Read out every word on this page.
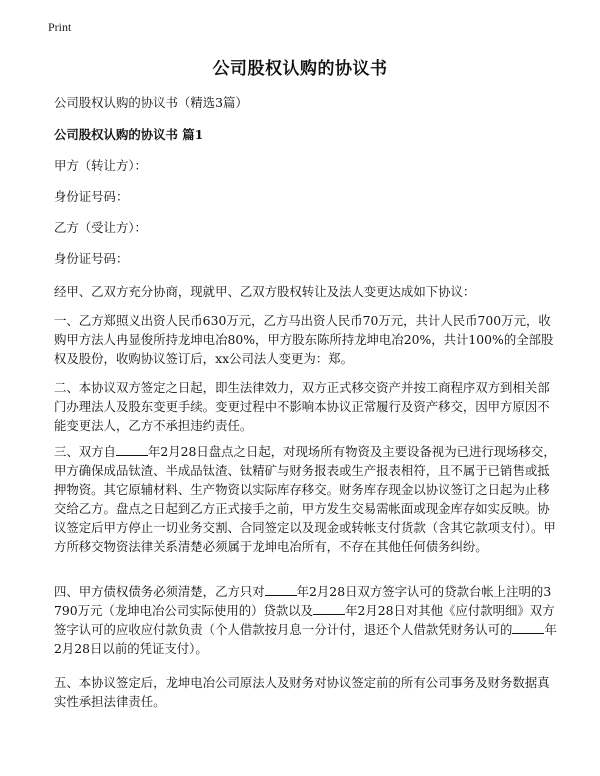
Print
公司股权认购的协议书

公司股权认购的协议书（精选3篇）

公司股权认购的协议书 篇1

甲方（转让方）：

身份证号码：

乙方（受让方）：

身份证号码：

经甲、乙双方充分协商，现就甲、乙双方股权转让及法人变更达成如下协议：

一、乙方郑照义出资人民币630万元，乙方马出资人民币70万元，共计人民币700万元，收购甲方法人冉显俊所持龙坤电冶80%，甲方股东陈所持龙坤电冶20%，共计100%的全部股权及股份，收购协议签订后，xx公司法人变更为：郑。

二、本协议双方签定之日起，即生法律效力，双方正式移交资产并按工商程序双方到相关部门办理法人及股东变更手续。变更过程中不影响本协议正常履行及资产移交，因甲方原因不能变更法人，乙方不承担违约责任。

三、双方自	年2月28日盘点之日起，对现场所有物资及主要设备视为已进行现场移交，甲方确保成品钛渣、半成品钛渣、钛精矿与财务报表或生产报表相符，且不属于已销售或抵押物资。其它原辅材料、生产物资以实际库存移交。财务库存现金以协议签订之日起为止移交给乙方。盘点之日起到乙方正式接手之前，甲方发生交易需帐面或现金库存如实反映。协议签定后甲方停止一切业务交割、合同签定以及现金或转帐支付货款（含其它款项支付）。甲方所移交物资法律关系清楚必须属于龙坤电冶所有，不存在其他任何债务纠纷。

四、甲方债权债务必须清楚，乙方只对	年2月28日双方签字认可的贷款台帐上注明的3790万元（龙坤电冶公司实际使用的）贷款以及	年2月28日对其他《应付款明细》双方签字认可的应收应付款负责（个人借款按月息一分计付，退还个人借款凭财务认可的	年2月28日以前的凭证支付）。

五、本协议签定后，龙坤电冶公司原法人及财务对协议签定前的所有公司事务及财务数据真实性承担法律责任。
